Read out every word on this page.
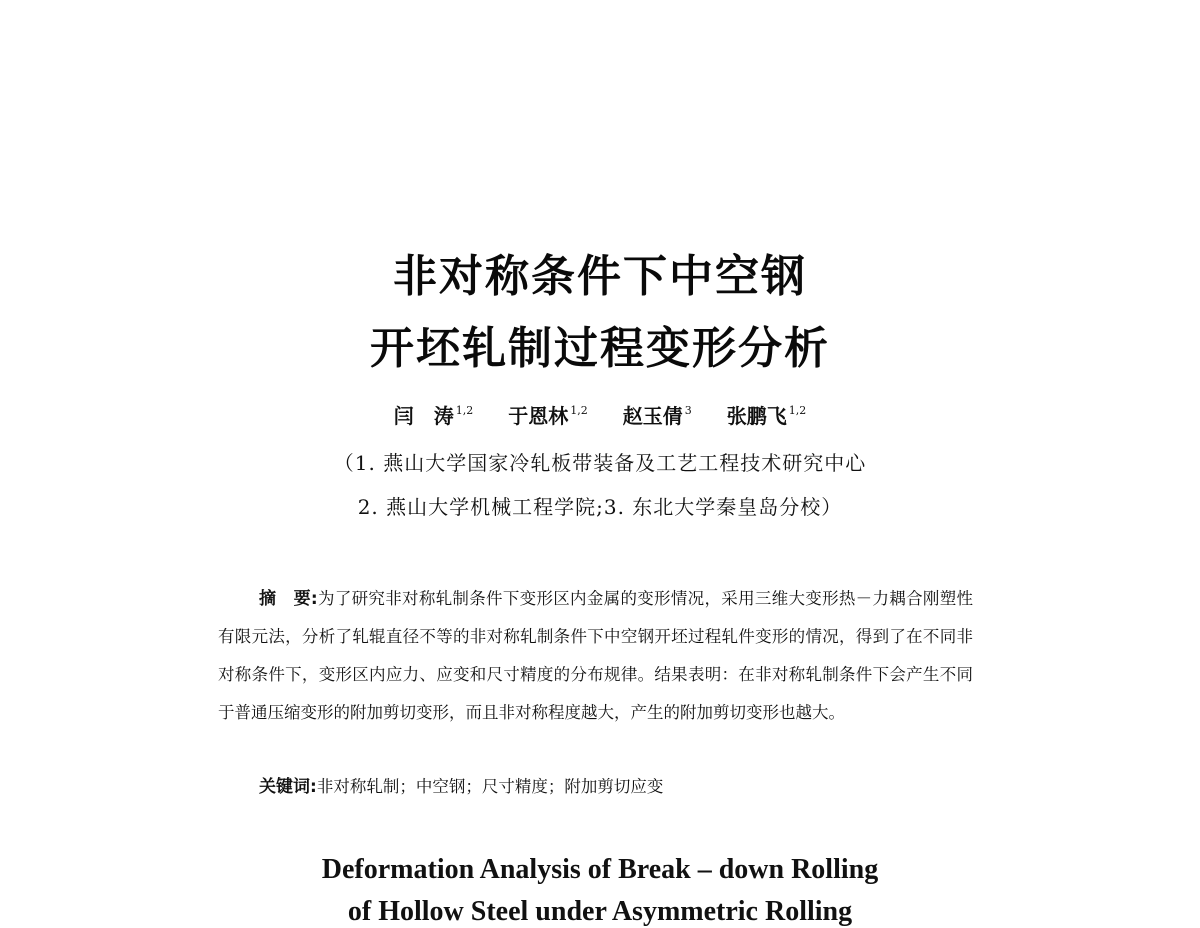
非对称条件下中空钢
开坯轧制过程变形分析
闫　涛 $^{1,2}$ 于恩林 $^{1,2}$ 赵玉倩 $^3$ 张鹏飞 $^{1,2}$
（1. 燕山大学国家冷轧板带装备及工艺工程技术研究中心
2. 燕山大学机械工程学院;3. 东北大学秦皇岛分校）

摘　要:为了研究非对称轧制条件下变形区内金属的变形情况，采用三维大变形热－力耦合刚塑性有限元法，分析了轧辊直径不等的非对称轧制条件下中空钢开坯过程轧件变形的情况，得到了在不同非对称条件下，变形区内应力、应变和尺寸精度的分布规律。结果表明：在非对称轧制条件下会产生不同于普通压缩变形的附加剪切变形，而且非对称程度越大，产生的附加剪切变形也越大。

关键词:非对称轧制；中空钢；尺寸精度；附加剪切应变

Deformation Analysis of Break – down Rolling
of Hollow Steel under Asymmetric Rolling
